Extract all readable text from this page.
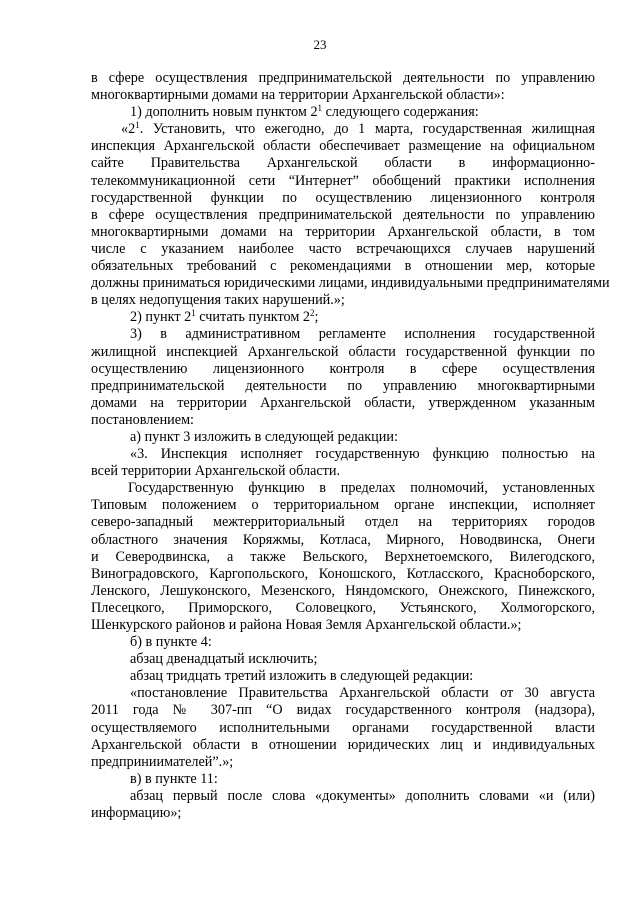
23
в сфере осуществления предпринимательской деятельности по управлению
многоквартирными домами на территории Архангельской области»:
1) дополнить новым пунктом $2^1$ следующего содержания:
«$2^1$. Установить, что ежегодно, до 1 марта, государственная жилищная
инспекция Архангельской области обеспечивает размещение на официальном
сайте Правительства Архангельской области в информационно-
телекоммуникационной сети “Интернет” обобщений практики исполнения
государственной функции по осуществлению лицензионного контроля
в сфере осуществления предпринимательской деятельности по управлению
многоквартирными домами на территории Архангельской области, в том
числе с указанием наиболее часто встречающихся случаев нарушений
обязательных требований с рекомендациями в отношении мер, которые
должны приниматься юридическими лицами, индивидуальными предпринимателями
в целях недопущения таких нарушений.»;
2) пункт $2^1$ считать пунктом $2^2$;
3) в административном регламенте исполнения государственной
жилищной инспекцией Архангельской области государственной функции по
осуществлению лицензионного контроля в сфере осуществления
предпринимательской деятельности по управлению многоквартирными
домами на территории Архангельской области, утвержденном указанным
постановлением:
а) пункт 3 изложить в следующей редакции:
«3. Инспекция исполняет государственную функцию полностью на
всей территории Архангельской области.
Государственную функцию в пределах полномочий, установленных
Типовым положением о территориальном органе инспекции, исполняет
северо-западный межтерриториальный отдел на территориях городов
областного значения Коряжмы, Котласа, Мирного, Новодвинска, Онеги
и Северодвинска, а также Вельского, Верхнетоемского, Вилегодского,
Виноградовского, Каргопольского, Коношского, Котласского, Красноборского,
Ленского, Лешуконского, Мезенского, Няндомского, Онежского, Пинежского,
Плесецкого, Приморского, Соловецкого, Устьянского, Холмогорского,
Шенкурского районов и района Новая Земля Архангельской области.»;
б) в пункте 4:
абзац двенадцатый исключить;
абзац тридцать третий изложить в следующей редакции:
«постановление Правительства Архангельской области от 30 августа
2011 года № 307-пп “О видах государственного контроля (надзора),
осуществляемого исполнительными органами государственной власти
Архангельской области в отношении юридических лиц и индивидуальных
предприниимателей”.»;
в) в пункте 11:
абзац первый после слова «документы» дополнить словами «и (или)
информацию»;
